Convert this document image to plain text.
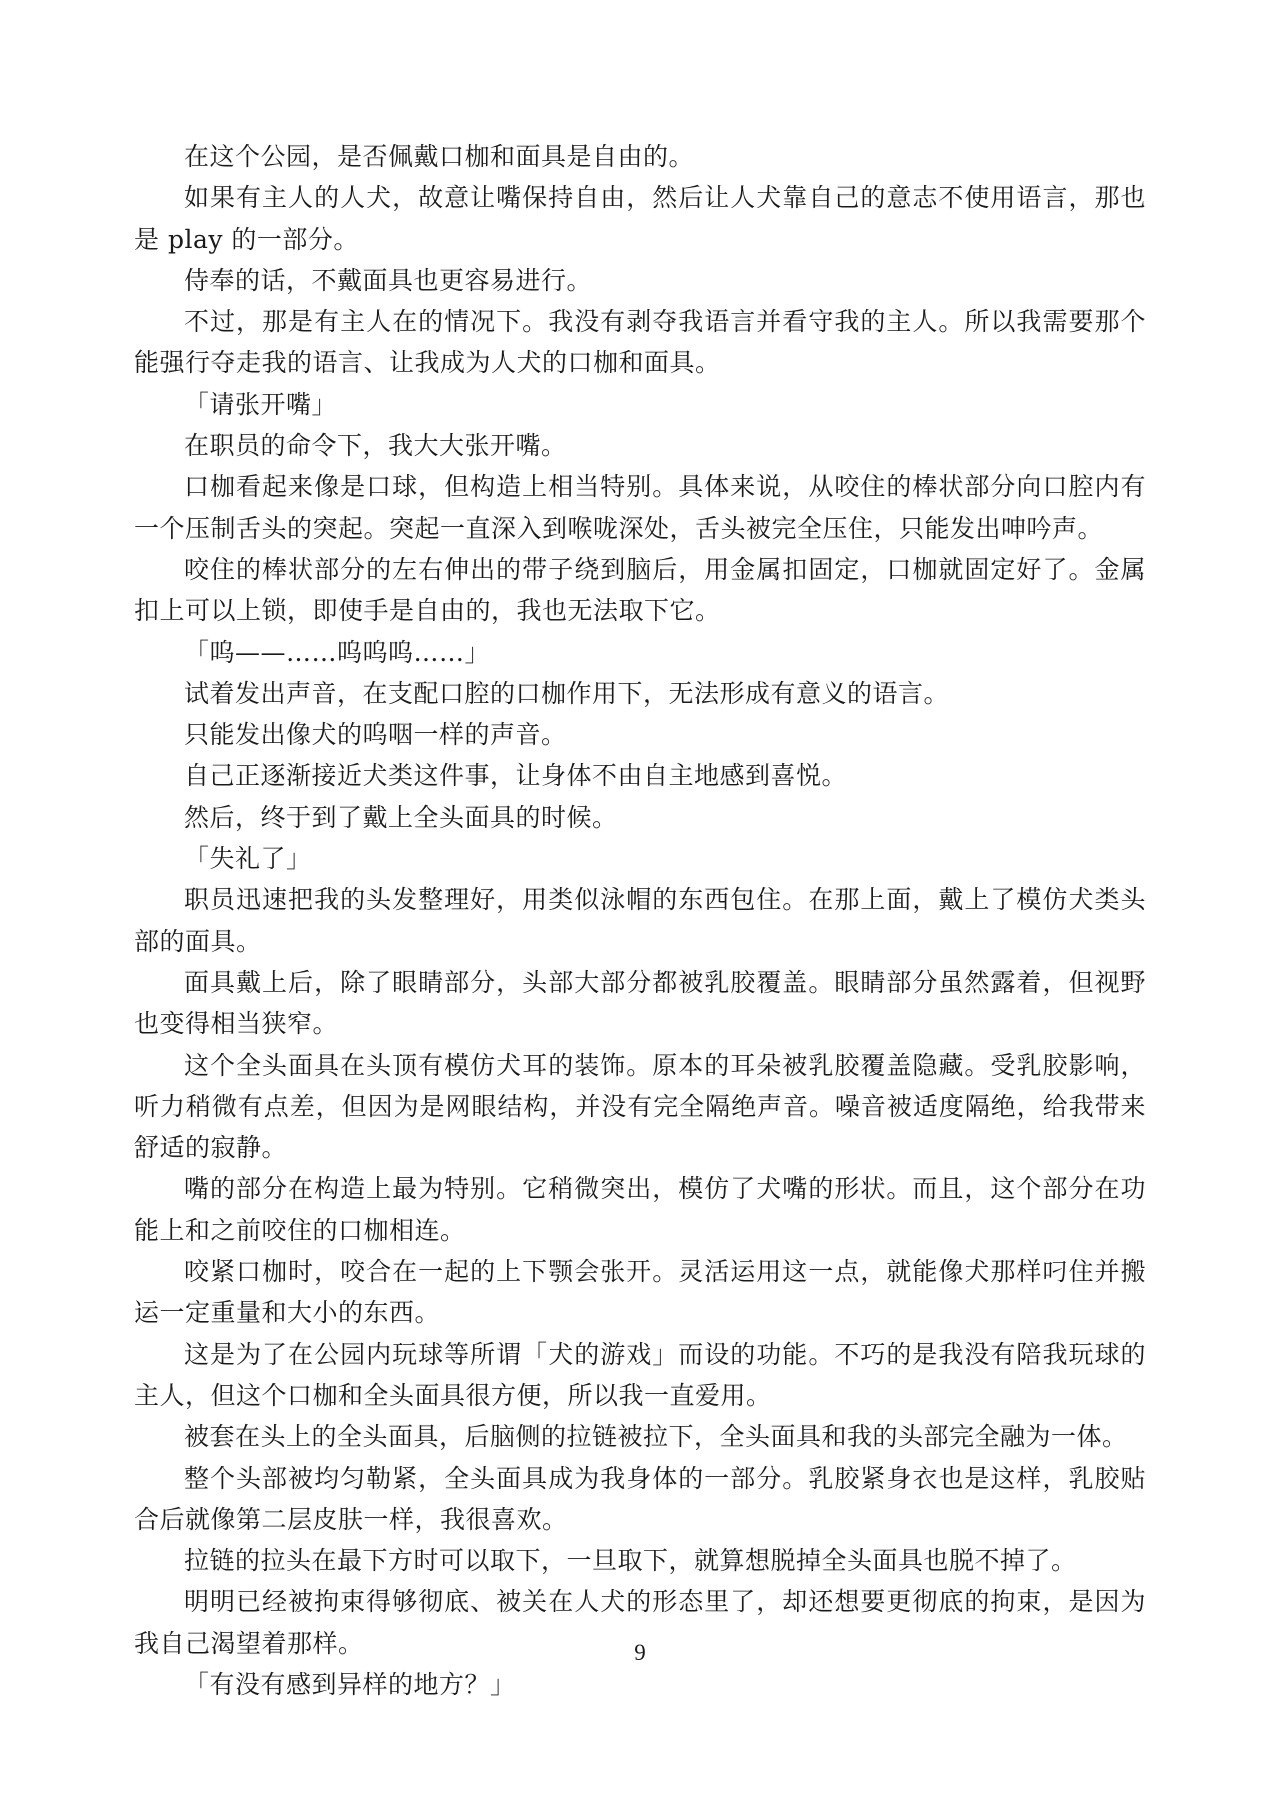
在这个公园，是否佩戴口枷和面具是自由的。

如果有主人的人犬，故意让嘴保持自由，然后让人犬靠自己的意志不使用语言，那也是 play 的一部分。

侍奉的话，不戴面具也更容易进行。

不过，那是有主人在的情况下。我没有剥夺我语言并看守我的主人。所以我需要那个能强行夺走我的语言、让我成为人犬的口枷和面具。

「请张开嘴」

在职员的命令下，我大大张开嘴。

口枷看起来像是口球，但构造上相当特别。具体来说，从咬住的棒状部分向口腔内有一个压制舌头的突起。突起一直深入到喉咙深处，舌头被完全压住，只能发出呻吟声。

咬住的棒状部分的左右伸出的带子绕到脑后，用金属扣固定，口枷就固定好了。金属扣上可以上锁，即使手是自由的，我也无法取下它。

「呜——……呜呜呜……」

试着发出声音，在支配口腔的口枷作用下，无法形成有意义的语言。

只能发出像犬的呜咽一样的声音。

自己正逐渐接近犬类这件事，让身体不由自主地感到喜悦。

然后，终于到了戴上全头面具的时候。

「失礼了」

职员迅速把我的头发整理好，用类似泳帽的东西包住。在那上面，戴上了模仿犬类头部的面具。

面具戴上后，除了眼睛部分，头部大部分都被乳胶覆盖。眼睛部分虽然露着，但视野也变得相当狭窄。

这个全头面具在头顶有模仿犬耳的装饰。原本的耳朵被乳胶覆盖隐藏。受乳胶影响，听力稍微有点差，但因为是网眼结构，并没有完全隔绝声音。噪音被适度隔绝，给我带来舒适的寂静。

嘴的部分在构造上最为特别。它稍微突出，模仿了犬嘴的形状。而且，这个部分在功能上和之前咬住的口枷相连。

咬紧口枷时，咬合在一起的上下颚会张开。灵活运用这一点，就能像犬那样叼住并搬运一定重量和大小的东西。

这是为了在公园内玩球等所谓「犬的游戏」而设的功能。不巧的是我没有陪我玩球的主人，但这个口枷和全头面具很方便，所以我一直爱用。

被套在头上的全头面具，后脑侧的拉链被拉下，全头面具和我的头部完全融为一体。

整个头部被均匀勒紧，全头面具成为我身体的一部分。乳胶紧身衣也是这样，乳胶贴合后就像第二层皮肤一样，我很喜欢。

拉链的拉头在最下方时可以取下，一旦取下，就算想脱掉全头面具也脱不掉了。

明明已经被拘束得够彻底、被关在人犬的形态里了，却还想要更彻底的拘束，是因为我自己渴望着那样。

「有没有感到异样的地方？」

9
